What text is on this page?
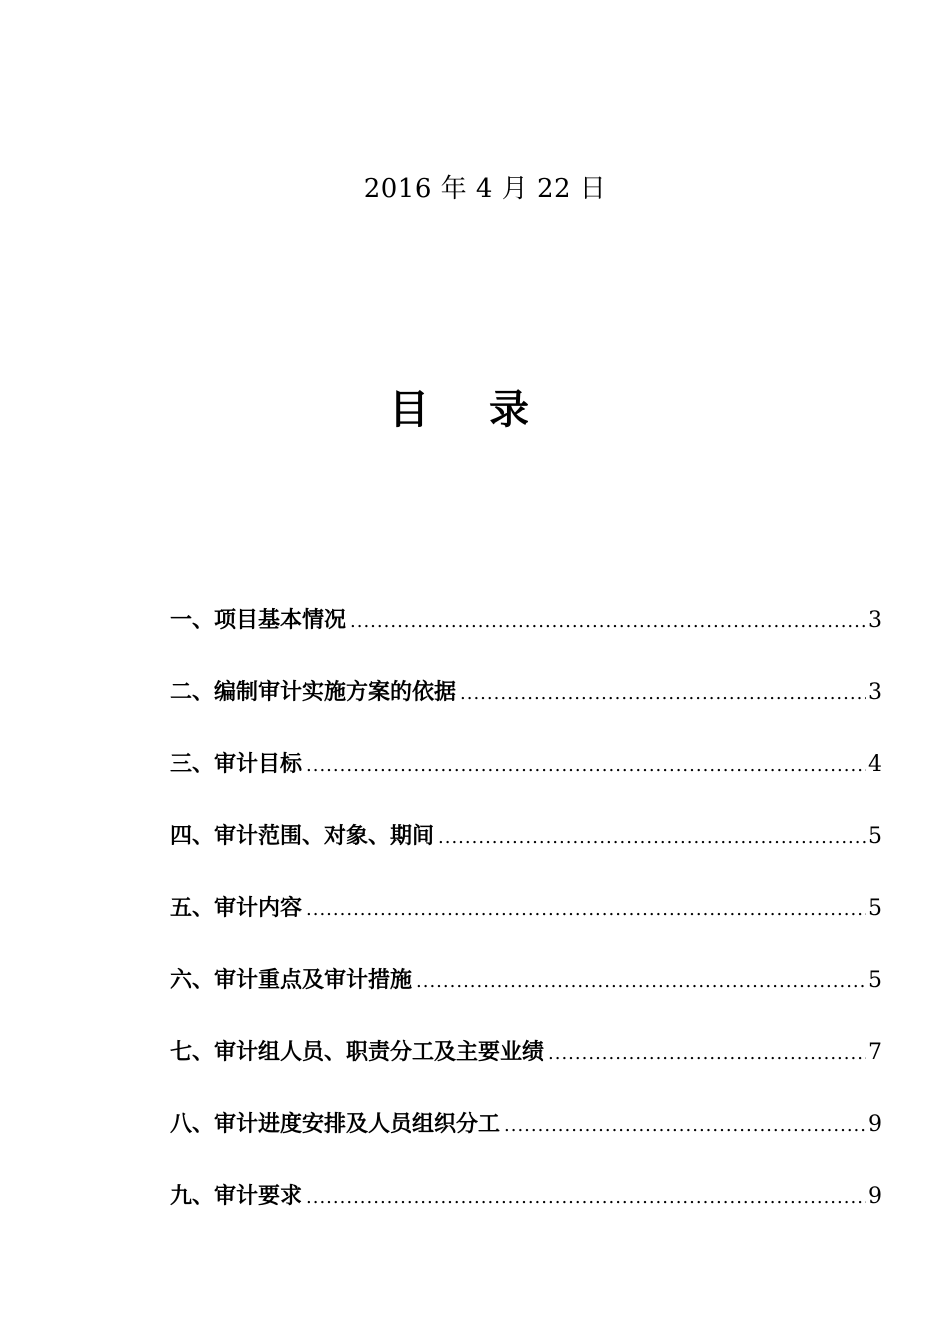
2016 年 4 月 22 日
目录
一、项目基本情况 .....	3
二、编制审计实施方案的依据 .....	3
三、审计目标 .....	4
四、审计范围、对象、期间 .....	5
五、审计内容 .....	5
六、审计重点及审计措施 .....	5
七、审计组人员、职责分工及主要业绩 .....	7
八、审计进度安排及人员组织分工 .....	9
九、审计要求 .....	9
